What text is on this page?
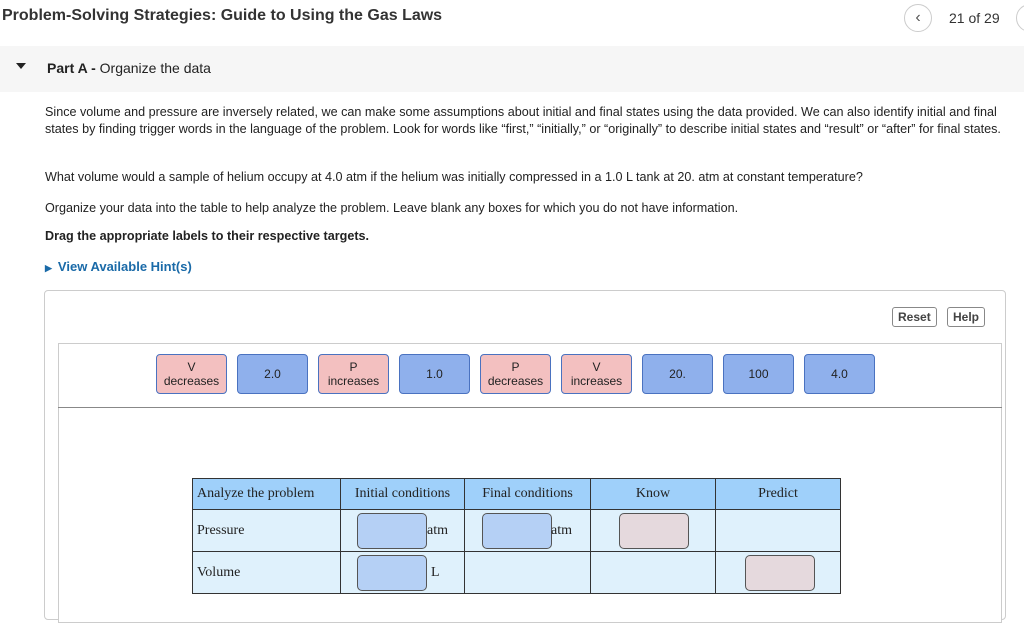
Problem-Solving Strategies: Guide to Using the Gas Laws	‹	21 of 29
Part A - Organize the data
Since volume and pressure are inversely related, we can make some assumptions about initial and final states using the data provided. We can also identify initial and final states by finding trigger words in the language of the problem. Look for words like “first,” “initially,” or “originally” to describe initial states and “result” or “after” for final states.
What volume would a sample of helium occupy at 4.0 atm if the helium was initially compressed in a 1.0 L tank at 20. atm at constant temperature?
Organize your data into the table to help analyze the problem. Leave blank any boxes for which you do not have information.
Drag the appropriate labels to their respective targets.
▶ View Available Hint(s)
Reset	Help
V
decreases	2.0	P
increases	1.0	P
decreases
V
increases	20.	100	4.0
Analyze the problem	Initial conditions	Final conditions	Know	Predict
Pressure	atm	atm		

Volume	L			
